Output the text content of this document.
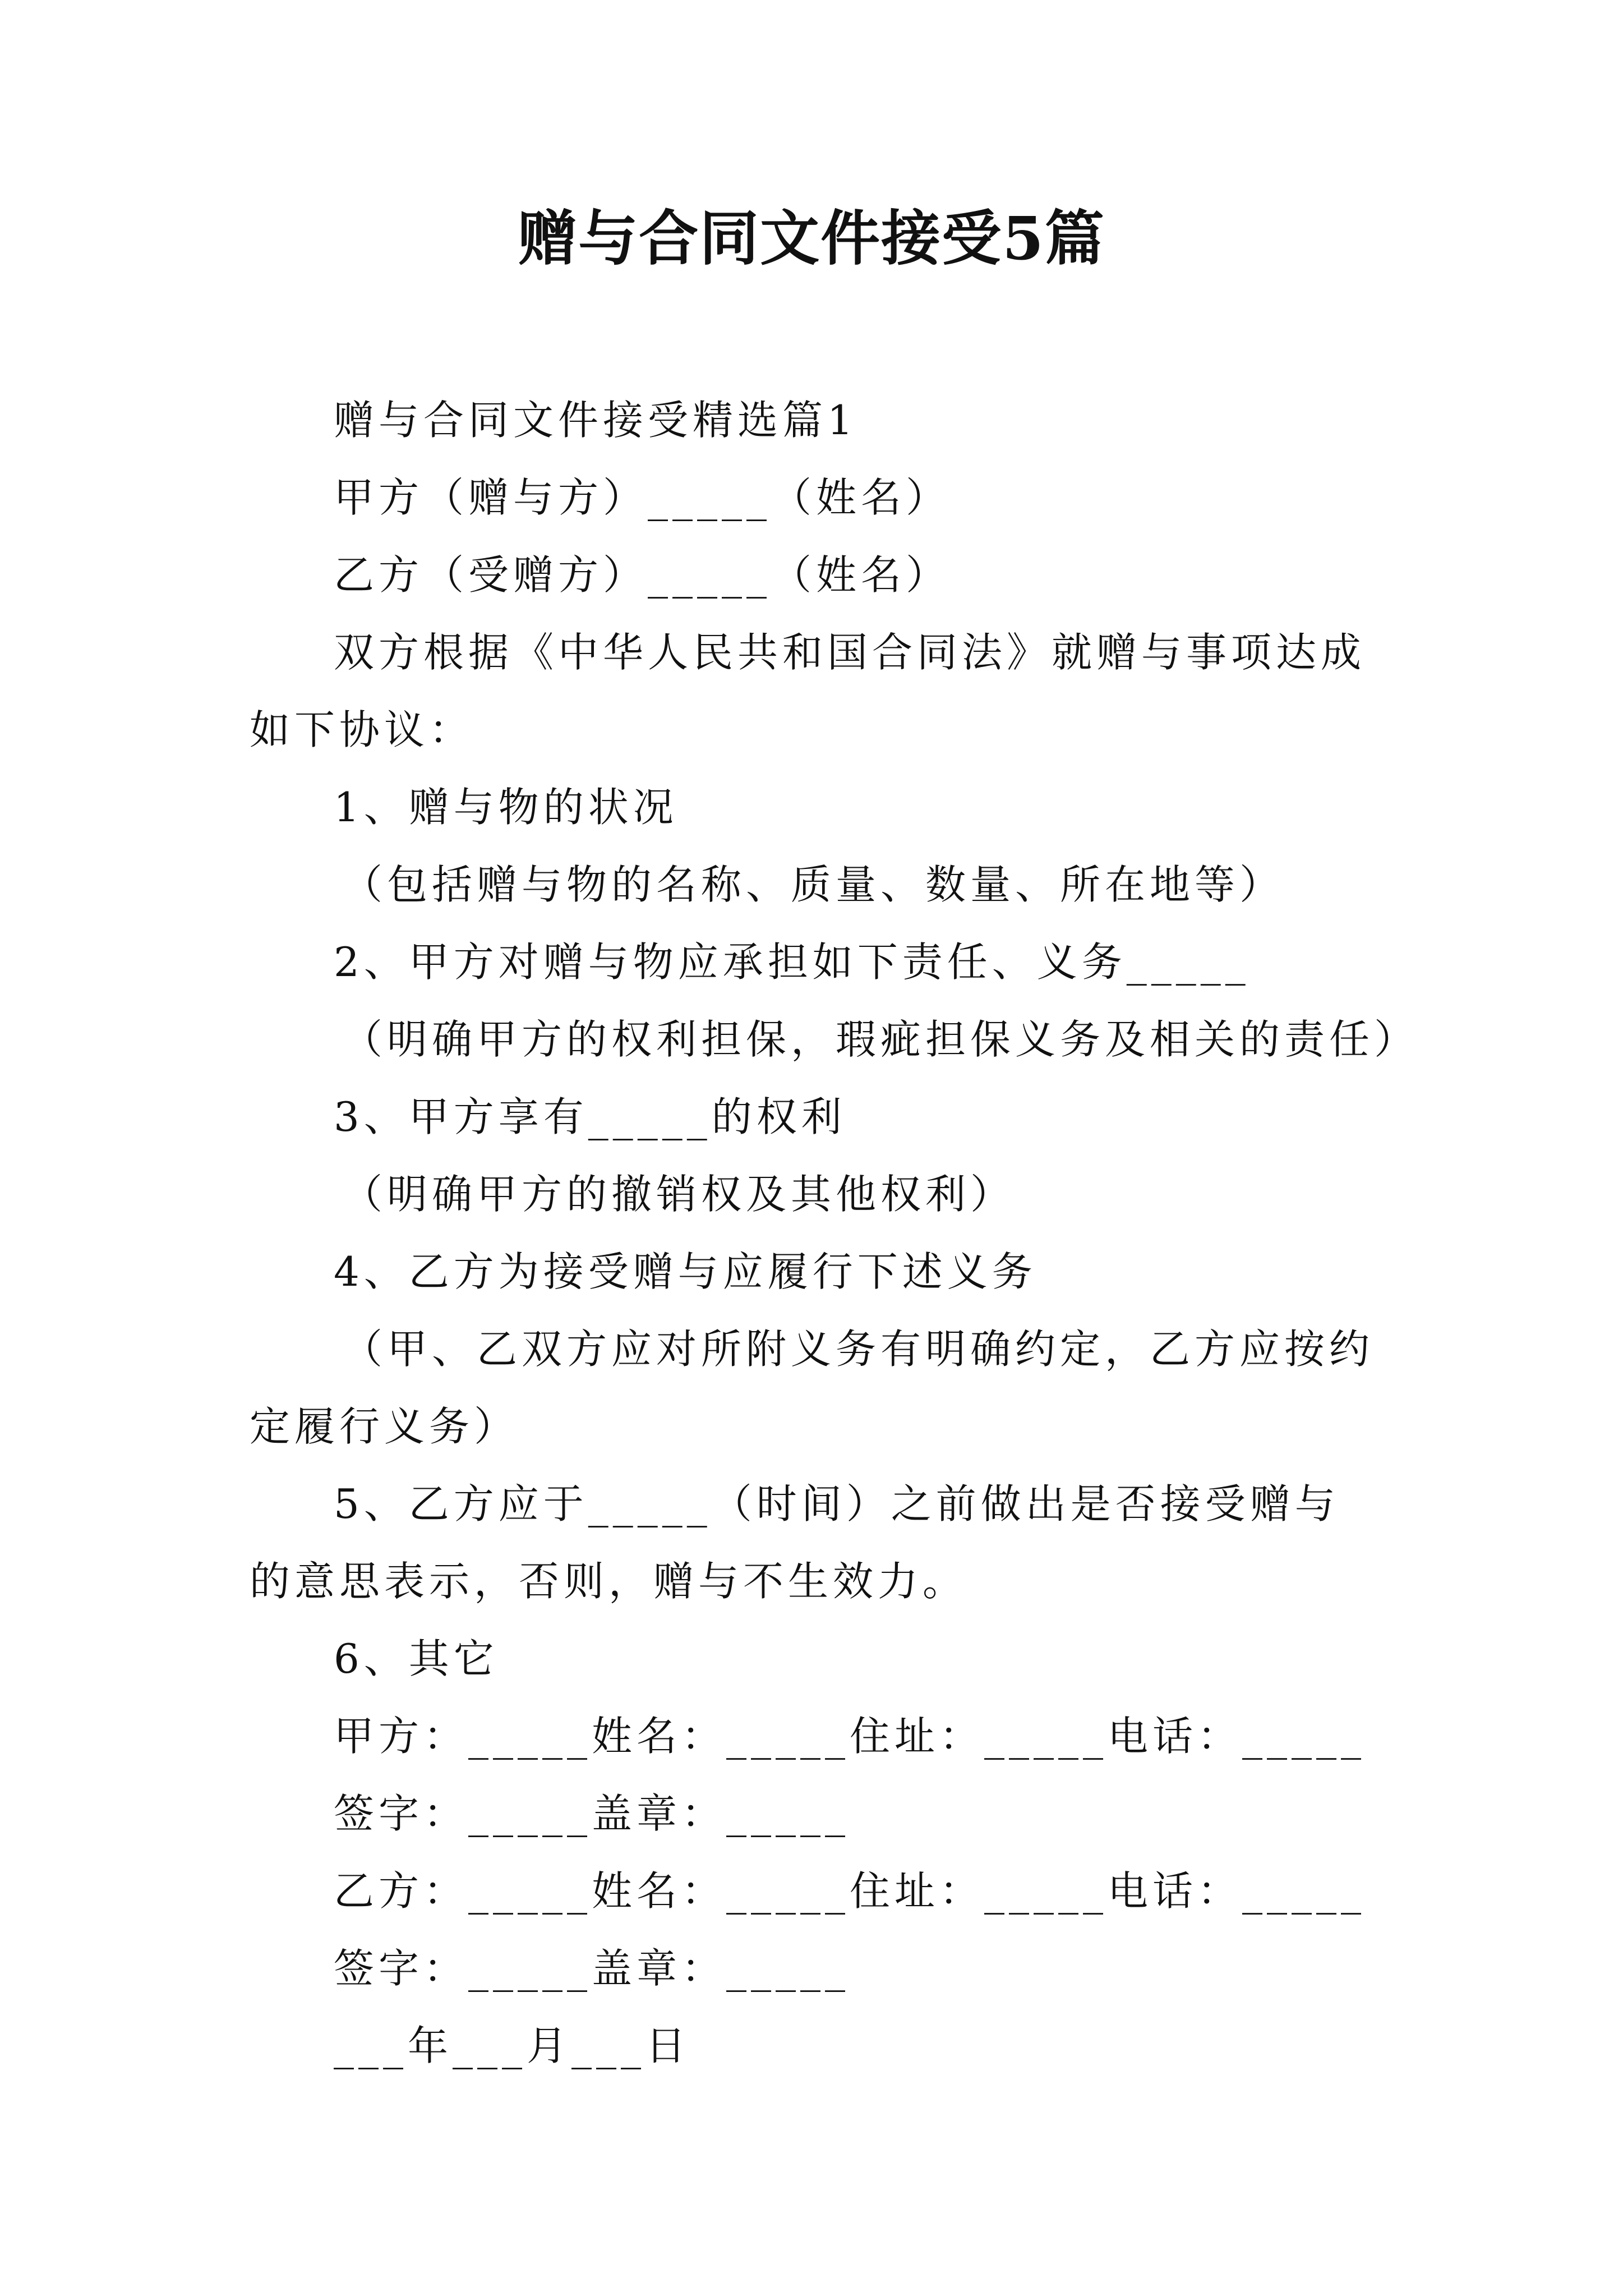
赠与合同文件接受5篇

赠与合同文件接受精选篇1

甲方（赠与方）_____（姓名）

乙方（受赠方）_____（姓名）

双方根据《中华人民共和国合同法》就赠与事项达成如下协议：

1、赠与物的状况

（包括赠与物的名称、质量、数量、所在地等）

2、甲方对赠与物应承担如下责任、义务_____

（明确甲方的权利担保，瑕疵担保义务及相关的责任）

3、甲方享有_____的权利

（明确甲方的撤销权及其他权利）

4、乙方为接受赠与应履行下述义务

（甲、乙双方应对所附义务有明确约定，乙方应按约定履行义务）

5、乙方应于_____（时间）之前做出是否接受赠与的意思表示，否则，赠与不生效力。

6、其它

甲方：_____姓名：_____住址：_____电话：_____

签字：_____盖章：_____

乙方：_____姓名：_____住址：_____电话：_____

签字：_____盖章：_____

___年___月___日
